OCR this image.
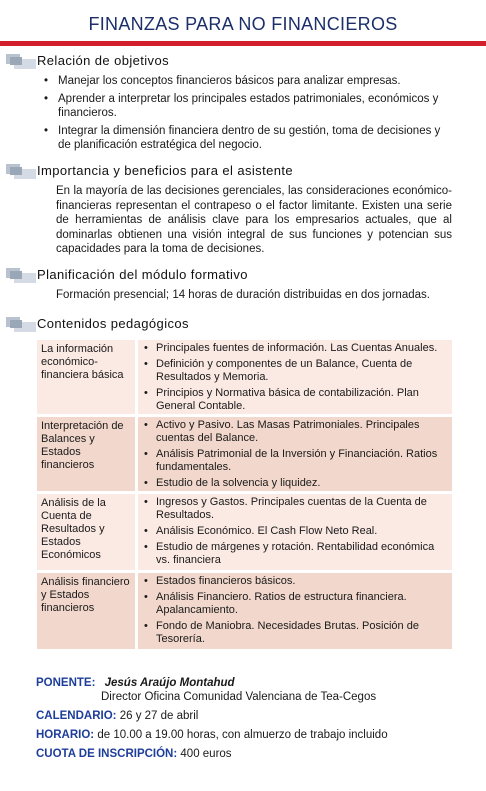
FINANZAS PARA NO FINANCIEROS
Relación de objetivos
• Manejar los conceptos financieros básicos para analizar empresas.
• Aprender a interpretar los principales estados patrimoniales, económicos y financieros.
• Integrar la dimensión financiera dentro de su gestión, toma de decisiones y de planificación estratégica del negocio.
Importancia y beneficios para el asistente
En la mayoría de las decisiones gerenciales, las consideraciones económico-financieras representan el contrapeso o el factor limitante. Existen una serie de herramientas de análisis clave para los empresarios actuales, que al dominarlas obtienen una visión integral de sus funciones y potencian sus capacidades para la toma de decisiones.
Planificación del módulo formativo
Formación presencial; 14 horas de duración distribuidas en dos jornadas.
Contenidos pedagógicos
La información económico-financiera básica
• Principales fuentes de información. Las Cuentas Anuales.
• Definición y componentes de un Balance, Cuenta de Resultados y Memoria.
• Principios y Normativa básica de contabilización. Plan General Contable.
Interpretación de Balances y Estados financieros
• Activo y Pasivo. Las Masas Patrimoniales. Principales cuentas del Balance.
• Análisis Patrimonial de la Inversión y Financiación. Ratios fundamentales.
• Estudio de la solvencia y liquidez.
Análisis de la Cuenta de Resultados y Estados Económicos
• Ingresos y Gastos. Principales cuentas de la Cuenta de Resultados.
• Análisis Económico. El Cash Flow Neto Real.
• Estudio de márgenes y rotación. Rentabilidad económica vs. financiera
Análisis financiero y Estados financieros
• Estados financieros básicos.
• Análisis Financiero. Ratios de estructura financiera. Apalancamiento.
• Fondo de Maniobra. Necesidades Brutas. Posición de Tesorería.
PONENTE: Jesús Araújo Montahud
Director Oficina Comunidad Valenciana de Tea-Cegos
CALENDARIO: 26 y 27 de abril
HORARIO: de 10.00 a 19.00 horas, con almuerzo de trabajo incluido
CUOTA DE INSCRIPCIÓN: 400 euros
